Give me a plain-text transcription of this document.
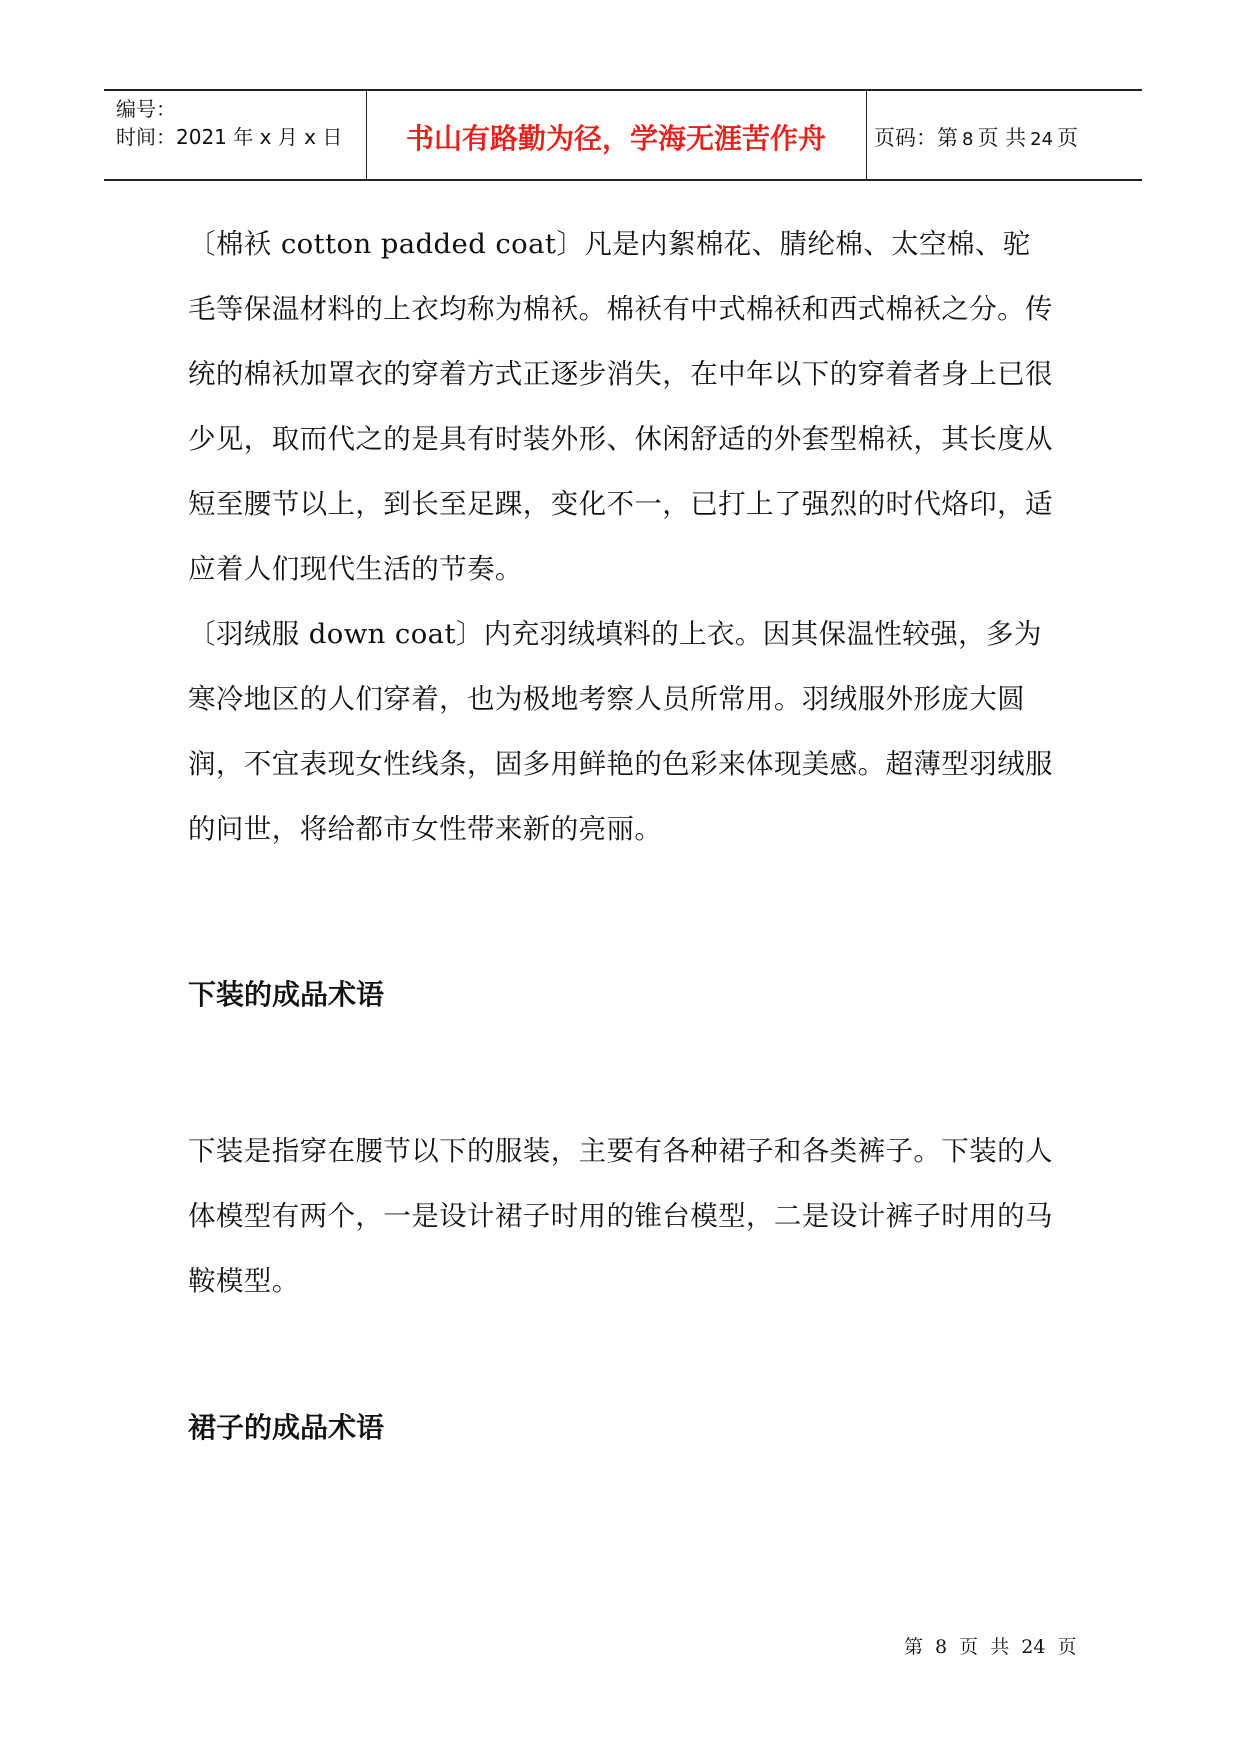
编号：
时间：2021 年 x 月 x 日	书山有路勤为径，学海无涯苦作舟	页码：第 8 页 共 24 页

〔棉袄 cotton padded coat〕凡是内絮棉花、腈纶棉、太空棉、驼毛等保温材料的上衣均称为棉袄。棉袄有中式棉袄和西式棉袄之分。传统的棉袄加罩衣的穿着方式正逐步消失，在中年以下的穿着者身上已很少见，取而代之的是具有时装外形、休闲舒适的外套型棉袄，其长度从短至腰节以上，到长至足踝，变化不一，已打上了强烈的时代烙印，适应着人们现代生活的节奏。

〔羽绒服 down coat〕内充羽绒填料的上衣。因其保温性较强，多为寒冷地区的人们穿着，也为极地考察人员所常用。羽绒服外形庞大圆润，不宜表现女性线条，固多用鲜艳的色彩来体现美感。超薄型羽绒服的问世，将给都市女性带来新的亮丽。

下装的成品术语

下装是指穿在腰节以下的服装，主要有各种裙子和各类裤子。下装的人体模型有两个，一是设计裙子时用的锥台模型，二是设计裤子时用的马鞍模型。

裙子的成品术语
第 8 页 共 24 页
